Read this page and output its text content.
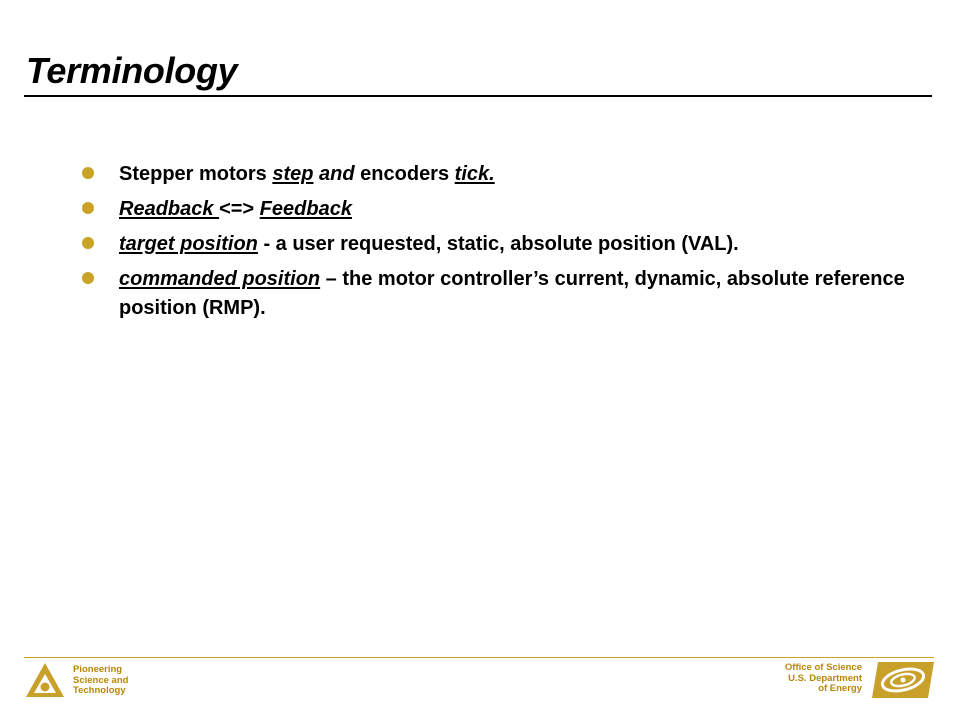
Terminology
Stepper motors step and encoders tick.
Readback <=> Feedback
target position - a user requested, static, absolute position (VAL).
commanded position – the motor controller’s current, dynamic, absolute reference position (RMP).
Pioneering
Science and
Technology
Office of Science
U.S. Department
of Energy
